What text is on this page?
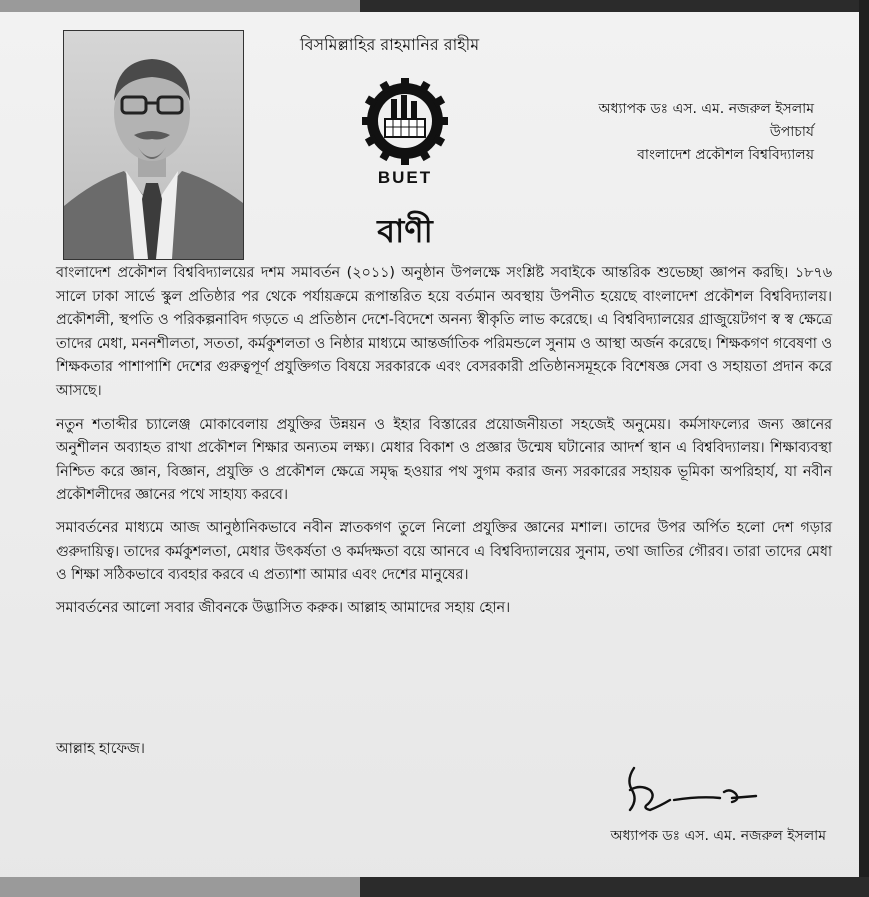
বিসমিল্লাহির রাহমানির রাহীম
BUET
অধ্যাপক ডঃ এস. এম. নজরুল ইসলাম
উপাচার্য
বাংলাদেশ প্রকৌশল বিশ্ববিদ্যালয়
বাণী

বাংলাদেশ প্রকৌশল বিশ্ববিদ্যালয়ের দশম সমাবর্তন (২০১১) অনুষ্ঠান উপলক্ষে সংশ্লিষ্ট সবাইকে আন্তরিক শুভেচ্ছা জ্ঞাপন করছি। ১৮৭৬ সালে ঢাকা সার্ভে স্কুল প্রতিষ্ঠার পর থেকে পর্যায়ক্রমে রূপান্তরিত হয়ে বর্তমান অবস্থায় উপনীত হয়েছে বাংলাদেশ প্রকৌশল বিশ্ববিদ্যালয়। প্রকৌশলী, স্থপতি ও পরিকল্পনাবিদ গড়তে এ প্রতিষ্ঠান দেশে-বিদেশে অনন্য স্বীকৃতি লাভ করেছে। এ বিশ্ববিদ্যালয়ের গ্রাজুয়েটগণ স্ব স্ব ক্ষেত্রে তাদের মেধা, মননশীলতা, সততা, কর্মকুশলতা ও নিষ্ঠার মাধ্যমে আন্তর্জাতিক পরিমন্ডলে সুনাম ও আস্থা অর্জন করেছে। শিক্ষকগণ গবেষণা ও শিক্ষকতার পাশাপাশি দেশের গুরুত্বপূর্ণ প্রযুক্তিগত বিষয়ে সরকারকে এবং বেসরকারী প্রতিষ্ঠানসমূহকে বিশেষজ্ঞ সেবা ও সহায়তা প্রদান করে আসছে।

নতুন শতাব্দীর চ্যালেঞ্জ মোকাবেলায় প্রযুক্তির উন্নয়ন ও ইহার বিস্তারের প্রয়োজনীয়তা সহজেই অনুমেয়। কর্মসাফল্যের জন্য জ্ঞানের অনুশীলন অব্যাহত রাখা প্রকৌশল শিক্ষার অন্যতম লক্ষ্য। মেধার বিকাশ ও প্রজ্ঞার উন্মেষ ঘটানোর আদর্শ স্থান এ বিশ্ববিদ্যালয়। শিক্ষাব্যবস্থা নিশ্চিত করে জ্ঞান, বিজ্ঞান, প্রযুক্তি ও প্রকৌশল ক্ষেত্রে সমৃদ্ধ হওয়ার পথ সুগম করার জন্য সরকারের সহায়ক ভূমিকা অপরিহার্য, যা নবীন প্রকৌশলীদের জ্ঞানের পথে সাহায্য করবে।

সমাবর্তনের মাধ্যমে আজ আনুষ্ঠানিকভাবে নবীন স্নাতকগণ তুলে নিলো প্রযুক্তির জ্ঞানের মশাল। তাদের উপর অর্পিত হলো দেশ গড়ার গুরুদায়িত্ব। তাদের কর্মকুশলতা, মেধার উৎকর্ষতা ও কর্মদক্ষতা বয়ে আনবে এ বিশ্ববিদ্যালয়ের সুনাম, তথা জাতির গৌরব। তারা তাদের মেধা ও শিক্ষা সঠিকভাবে ব্যবহার করবে এ প্রত্যাশা আমার এবং দেশের মানুষের।

সমাবর্তনের আলো সবার জীবনকে উদ্ভাসিত করুক। আল্লাহ আমাদের সহায় হোন।

আল্লাহ হাফেজ।
অধ্যাপক ডঃ এস. এম. নজরুল ইসলাম
